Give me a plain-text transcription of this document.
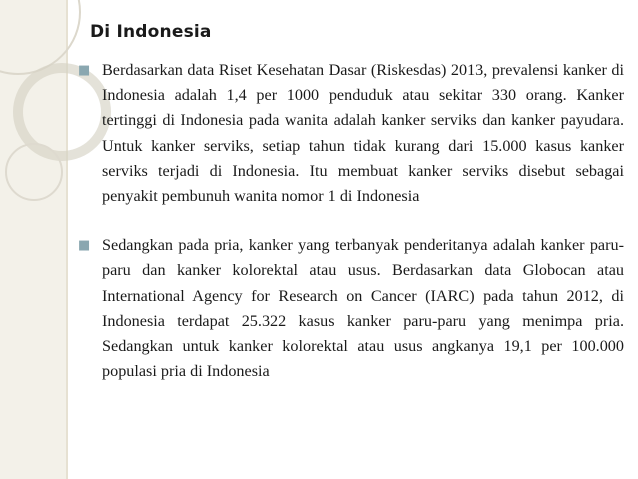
Di Indonesia
■ Berdasarkan data Riset Kesehatan Dasar (Riskesdas) 2013, prevalensi kanker di Indonesia adalah 1,4 per 1000 penduduk atau sekitar 330 orang. Kanker tertinggi di Indonesia pada wanita adalah kanker serviks dan kanker payudara. Untuk kanker serviks, setiap tahun tidak kurang dari 15.000 kasus kanker serviks terjadi di Indonesia. Itu membuat kanker serviks disebut sebagai penyakit pembunuh wanita nomor 1 di Indonesia
■ Sedangkan pada pria, kanker yang terbanyak penderitanya adalah kanker paru-paru dan kanker kolorektal atau usus. Berdasarkan data Globocan atau International Agency for Research on Cancer (IARC) pada tahun 2012, di Indonesia terdapat 25.322 kasus kanker paru-paru yang menimpa pria. Sedangkan untuk kanker kolorektal atau usus angkanya 19,1 per 100.000 populasi pria di Indonesia
